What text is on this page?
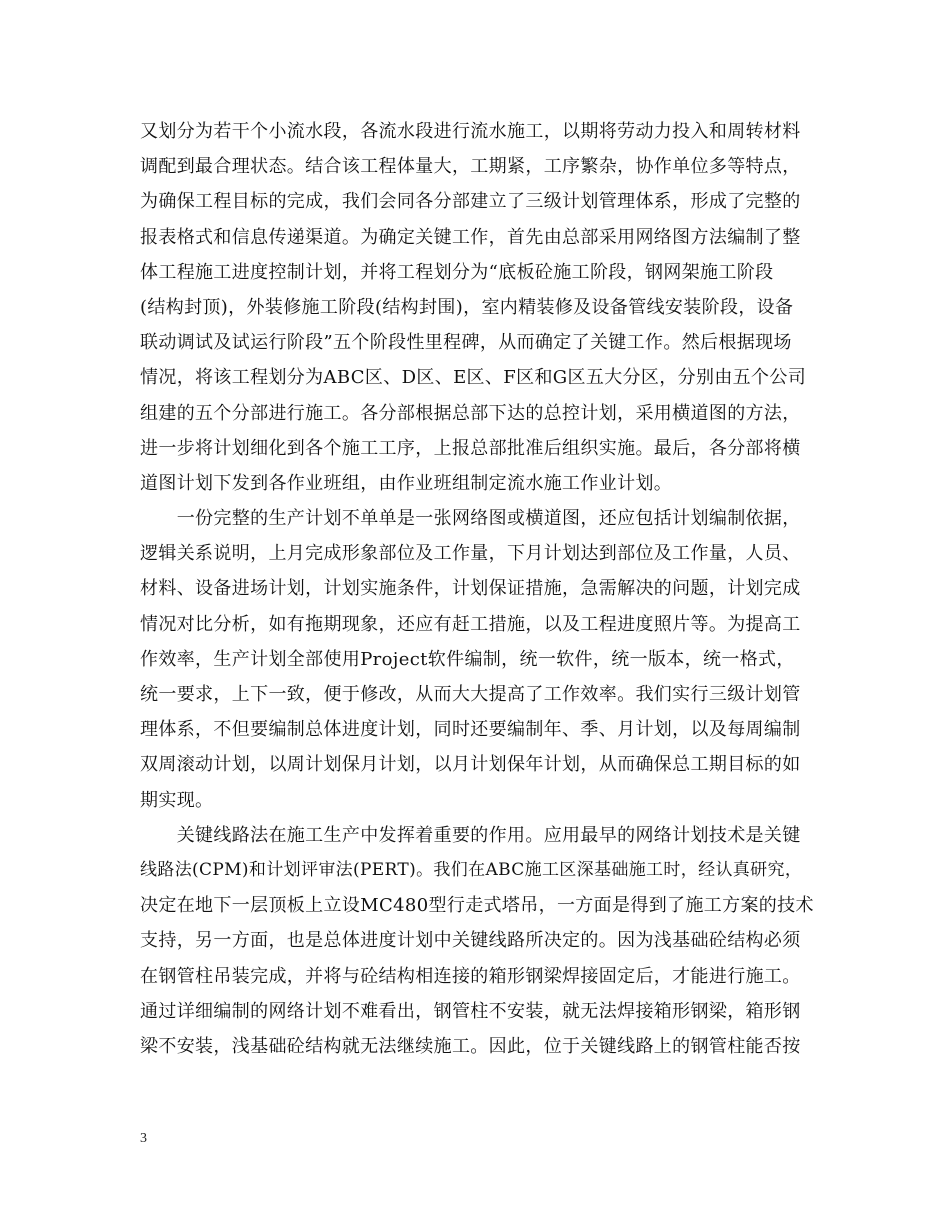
又划分为若干个小流水段，各流水段进行流水施工，以期将劳动力投入和周转材料
调配到最合理状态。结合该工程体量大，工期紧，工序繁杂，协作单位多等特点，
为确保工程目标的完成，我们会同各分部建立了三级计划管理体系，形成了完整的
报表格式和信息传递渠道。为确定关键工作，首先由总部采用网络图方法编制了整
体工程施工进度控制计划，并将工程划分为“底板砼施工阶段，钢网架施工阶段
(结构封顶)，外装修施工阶段(结构封围)，室内精装修及设备管线安装阶段，设备
联动调试及试运行阶段”五个阶段性里程碑，从而确定了关键工作。然后根据现场
情况，将该工程划分为ABC区、D区、E区、F区和G区五大分区，分别由五个公司
组建的五个分部进行施工。各分部根据总部下达的总控计划，采用横道图的方法，
进一步将计划细化到各个施工工序，上报总部批准后组织实施。最后，各分部将横
道图计划下发到各作业班组，由作业班组制定流水施工作业计划。
　　一份完整的生产计划不单单是一张网络图或横道图，还应包括计划编制依据，
逻辑关系说明，上月完成形象部位及工作量，下月计划达到部位及工作量，人员、
材料、设备进场计划，计划实施条件，计划保证措施，急需解决的问题，计划完成
情况对比分析，如有拖期现象，还应有赶工措施，以及工程进度照片等。为提高工
作效率，生产计划全部使用Project软件编制，统一软件，统一版本，统一格式，
统一要求，上下一致，便于修改，从而大大提高了工作效率。我们实行三级计划管
理体系，不但要编制总体进度计划，同时还要编制年、季、月计划，以及每周编制
双周滚动计划，以周计划保月计划，以月计划保年计划，从而确保总工期目标的如
期实现。
　　关键线路法在施工生产中发挥着重要的作用。应用最早的网络计划技术是关键
线路法(CPM)和计划评审法(PERT)。我们在ABC施工区深基础施工时，经认真研究，
决定在地下一层顶板上立设MC480型行走式塔吊，一方面是得到了施工方案的技术
支持，另一方面，也是总体进度计划中关键线路所决定的。因为浅基础砼结构必须
在钢管柱吊装完成，并将与砼结构相连接的箱形钢梁焊接固定后，才能进行施工。
通过详细编制的网络计划不难看出，钢管柱不安装，就无法焊接箱形钢梁，箱形钢
梁不安装，浅基础砼结构就无法继续施工。因此，位于关键线路上的钢管柱能否按
3
